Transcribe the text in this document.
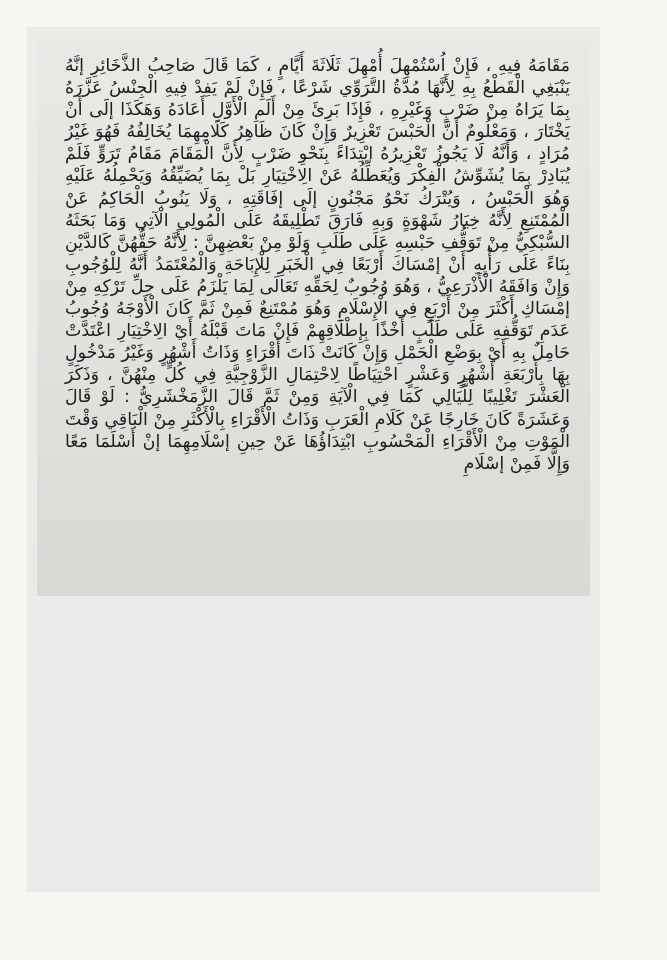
مَقَامَهُ فِيهِ ، فَإِنْ اُسْتُمْهِلَ أُمْهِلَ ثَلَاثَةَ أَيَّامٍ ، كَمَا قَالَ صَاحِبُ الذَّخَائِرِ إنَّهُ يَنْبَغِي الْقَطْعُ بِهِ لِأَنَّهَا مُدَّةُ التَّرَوِّي شَرْعًا ، فَإِنْ لَمْ يَفِدْ فِيهِ الْجِنْسُ عَزَّرَهُ بِمَا يَرَاهُ مِنْ ضَرْبٍ وَغَيْرِهِ ، فَإِذَا بَرِئَ مِنْ أَلَمِ الْأَوَّلِ أَعَادَهُ وَهَكَذَا إلَى أَنْ يَخْتَارَ ، وَمَعْلُومٌ أَنَّ الْحَبْسَ تَعْزِيرٌ وَإِنْ كَانَ ظَاهِرُ كَلَامِهِمَا يُخَالِفُهُ فَهُوَ غَيْرُ مُرَادٍ ، وَأَنَّهُ لَا يَجُوزُ تَعْزِيرُهُ ابْتِدَاءً بِنَحْوِ ضَرْبٍ لِأَنَّ الْمَقَامَ مَقَامُ تَرَوٍّ فَلَمْ يُبَادِرْ بِمَا يُشَوِّشُ الْفِكْرَ وَيُعَطِّلُهُ عَنْ الِاخْتِيَارِ بَلْ بِمَا يُضَيِّقُهُ وَيَحْمِلُهُ عَلَيْهِ وَهُوَ الْحَبْسُ ، وَيُتْرَكُ نَحْوُ مَجْنُونٍ إلَى إفَاقَتِهِ ، وَلَا يَنُوبُ الْحَاكِمُ عَنْ الْمُمْتَنِعِ لِأَنَّهُ خِيَارُ شَهْوَةٍ وَبِهِ فَارَقَ تَطْلِيقَهُ عَلَى الْمُولِي الْآتِي وَمَا بَحَثَهُ السُّبْكِيُّ مِنْ تَوَقُّفِ حَبْسِهِ عَلَى طَلَبِ وَلَوْ مِنْ بَعْضِهِنَّ : لِأَنَّهُ حَقُّهُنَّ كَالدَّيْنِ بِنَاءً عَلَى رَأْيِهِ أَنْ إمْسَاكَ أَرْبَعًا فِي الْخَبَرِ لِلْإِبَاحَةِ وَالْمُعْتَمَدُ أَنَّهُ لِلْوُجُوبِ وَإِنْ وَافَقَهُ الْأَذْرَعِيُّ ، وَهُوَ وُجُوبٌ لِحَقِّهِ تَعَالَى لِمَا يَلْزَمُ عَلَى حِلِّ تَرْكِهِ مِنْ إمْسَاكِ أَكْثَرَ مِنْ أَرْبَعٍ فِي الْإِسْلَامِ وَهُوَ مُمْتَنِعٌ فَمِنْ ثَمَّ كَانَ الْأَوْجَهُ وُجُوبُ عَدَمِ تَوَقُّفِهِ عَلَى طَلَبٍ أَخْذًا بِإِطْلَاقِهِمْ فَإِنْ مَاتَ قَبْلَهُ أَيْ الِاخْتِيَارِ اعْتَدَّتْ حَامِلٌ بِهِ أَيْ بِوَضْعِ الْحَمْلِ وَإِنْ كَانَتْ ذَاتَ أَقْرَاءٍ وَذَاتُ أَشْهُرٍ وَغَيْرُ مَدْخُولٍ بِهَا بِأَرْبَعَةِ أَشْهُرٍ وَعَشْرٍ احْتِيَاطًا لِاحْتِمَالِ الزَّوْجِيَّةِ فِي كُلٍّ مِنْهُنَّ ، وَذَكَرَ الْعَشْرَ تَغْلِيبًا لِلَّيَالِي كَمَا فِي الْآيَةِ وَمِنْ ثَمَّ قَالَ الزَّمَخْشَرِيُّ : لَوْ قَالَ وَعَشَرَةً كَانَ خَارِجًا عَنْ كَلَامِ الْعَرَبِ وَذَاتُ الْأَقْرَاءِ بِالْأَكْثَرِ مِنْ الْبَاقِي وَقْتَ الْمَوْتِ مِنْ الْأَقْرَاءِ الْمَحْسُوبِ ابْتِدَاؤُهَا عَنْ حِينِ إسْلَامِهِمَا إنْ أَسْلَمَا مَعًا وَإِلَّا فَمِنْ إسْلَامِ
